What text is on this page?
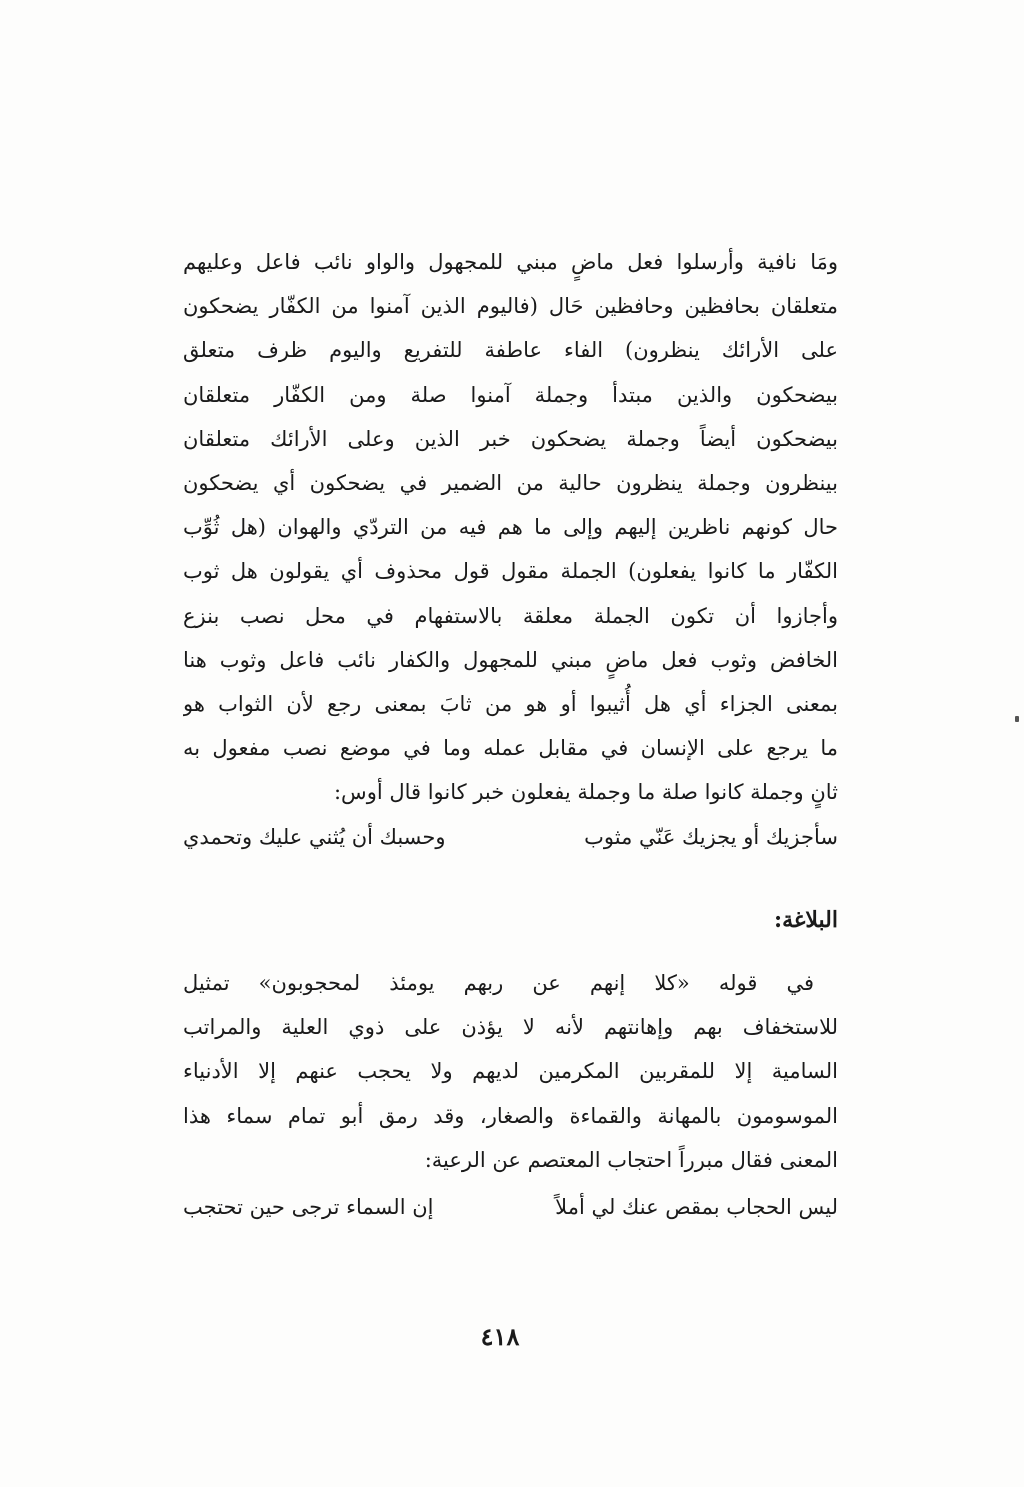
ومَا نافية وأرسلوا فعل ماضٍ مبني للمجهول والواو نائب فاعل وعليهم
متعلقان بحافظين وحافظين حَال (فاليوم الذين آمنوا من الكفّار يضحكون
على الأرائك ينظرون) الفاء عاطفة للتفريع واليوم ظرف متعلق
بيضحكون والذين مبتدأ وجملة آمنوا صلة ومن الكفّار متعلقان
بيضحكون أيضاً وجملة يضحكون خبر الذين وعلى الأرائك متعلقان
بينظرون وجملة ينظرون حالية من الضمير في يضحكون أي يضحكون
حال كونهم ناظرين إليهم وإلى ما هم فيه من التردّي والهوان (هل ثُوِّب
الكفّار ما كانوا يفعلون) الجملة مقول قول محذوف أي يقولون هل ثوب
وأجازوا أن تكون الجملة معلقة بالاستفهام في محل نصب بنزع
الخافض وثوب فعل ماضٍ مبني للمجهول والكفار نائب فاعل وثوب هنا
بمعنى الجزاء أي هل أُثيبوا أو هو من ثابَ بمعنى رجع لأن الثواب هو
ما يرجع على الإنسان في مقابل عمله وما في موضع نصب مفعول به
ثانٍ وجملة كانوا صلة ما وجملة يفعلون خبر كانوا قال أوس:
سأجزيك أو يجزيك عَنّي مثوب
وحسبك أن يُثني عليك وتحمدي
البلاغة:
في قوله «كلا إنهم عن ربهم يومئذ لمحجوبون» تمثيل
للاستخفاف بهم وإهانتهم لأنه لا يؤذن على ذوي العلية والمراتب
السامية إلا للمقربين المكرمين لديهم ولا يحجب عنهم إلا الأدنياء
الموسومون بالمهانة والقماءة والصغار، وقد رمق أبو تمام سماء هذا
المعنى فقال مبرراً احتجاب المعتصم عن الرعية:
ليس الحجاب بمقص عنك لي أملاً
إن السماء ترجى حين تحتجب
٤١٨
